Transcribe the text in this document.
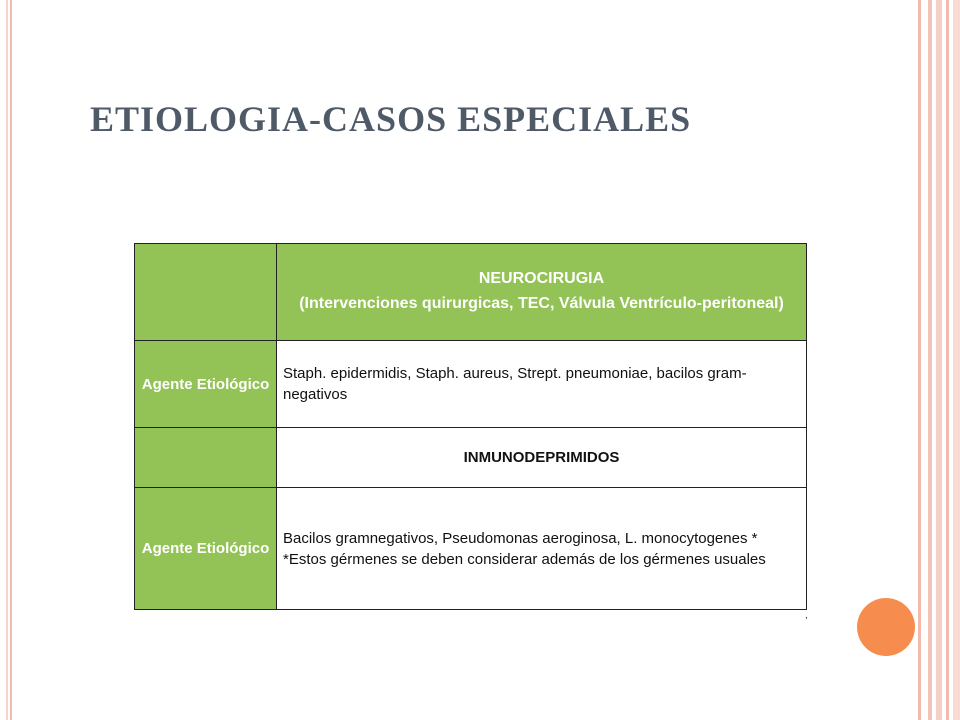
ETIOLOGIA-CASOS ESPECIALES

	NEUROCIRUGIA
(Intervenciones quirurgicas, TEC, Válvula Ventrículo-peritoneal)

Agente Etiológico	Staph. epidermidis, Staph. aureus, Strept. pneumoniae, bacilos gram-negativos
	INMUNODEPRIMIDOS
Agente Etiológico	Bacilos gramnegativos, Pseudomonas aeroginosa, L. monocytogenes *
*Estos gérmenes se deben considerar además de los gérmenes usuales
,
